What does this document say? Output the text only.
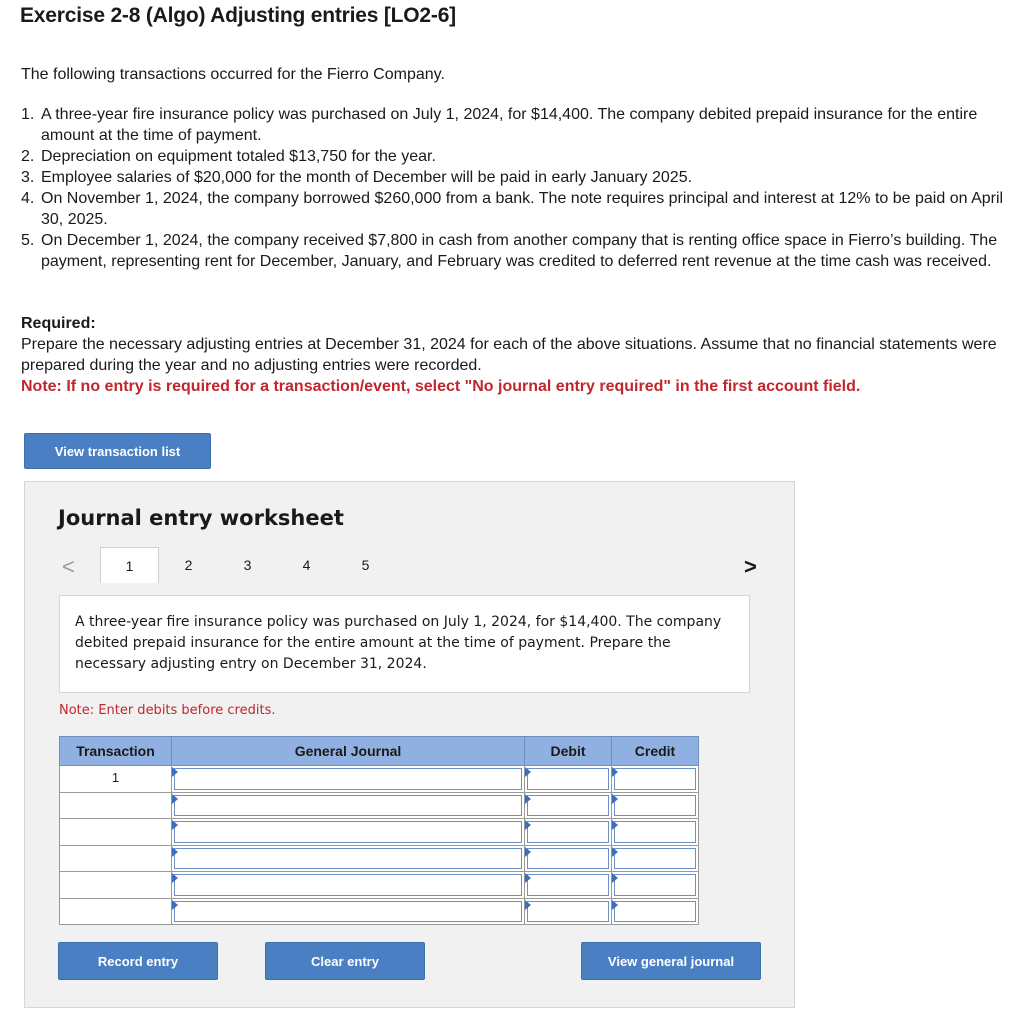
Exercise 2-8 (Algo) Adjusting entries [LO2-6]

The following transactions occurred for the Fierro Company.

1. A three-year fire insurance policy was purchased on July 1, 2024, for $14,400. The company debited prepaid insurance for the entire amount at the time of payment.
2. Depreciation on equipment totaled $13,750 for the year.
3. Employee salaries of $20,000 for the month of December will be paid in early January 2025.
4. On November 1, 2024, the company borrowed $260,000 from a bank. The note requires principal and interest at 12% to be paid on April 30, 2025.
5. On December 1, 2024, the company received $7,800 in cash from another company that is renting office space in Fierro’s building. The payment, representing rent for December, January, and February was credited to deferred rent revenue at the time cash was received.
Required:
Prepare the necessary adjusting entries at December 31, 2024 for each of the above situations. Assume that no financial statements were prepared during the year and no adjusting entries were recorded.
Note: If no entry is required for a transaction/event, select "No journal entry required" in the first account field.
View transaction list
Journal entry worksheet
<	1	2	3	4	5	>
A three-year fire insurance policy was purchased on July 1, 2024, for $14,400. The company debited prepaid insurance for the entire amount at the time of payment. Prepare the necessary adjusting entry on December 31, 2024.
Note: Enter debits before credits.
Transaction	General Journal	Debit	Credit
1	

Record entry	Clear entry	View general journal
